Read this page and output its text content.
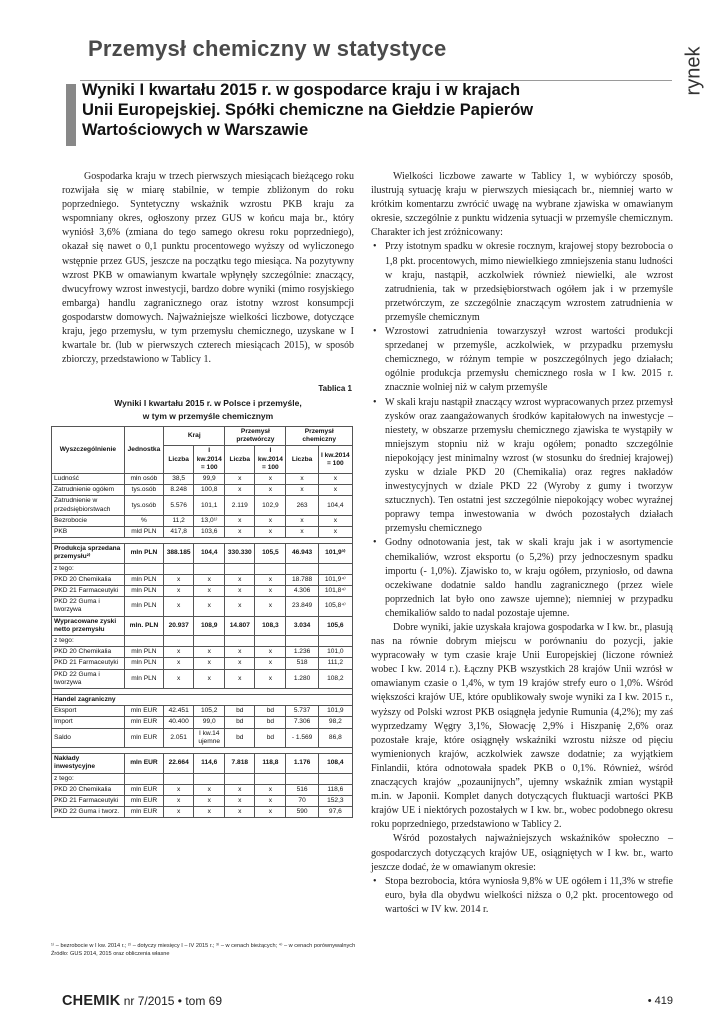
Przemysł chemiczny w statystyce	rynek

Wyniki I kwartału 2015 r. w gospodarce kraju i w krajach

Unii Europejskiej. Spółki chemiczne na Giełdzie Papierów

Wartościowych w Warszawie

Gospodarka kraju w trzech pierwszych miesiącach bieżącego roku rozwijała się w miarę stabilnie, w tempie zbliżonym do roku poprzedniego. Syntetyczny wskaźnik wzrostu PKB kraju za wspomniany okres, ogłoszony przez GUS w końcu maja br., który wyniósł 3,6% (zmiana do tego samego okresu roku poprzedniego), okazał się nawet o 0,1 punktu procentowego wyższy od wyliczonego wstępnie przez GUS, jeszcze na początku tego miesiąca. Na pozytywny wzrost PKB w omawianym kwartale wpłynęły szczególnie: znaczący, dwucyfrowy wzrost inwestycji, bardzo dobre wyniki (mimo rosyjskiego embarga) handlu zagranicznego oraz istotny wzrost konsumpcji gospodarstw domowych. Najważniejsze wielkości liczbowe, dotyczące kraju, jego przemysłu, w tym przemysłu chemicznego, uzyskane w I kwartale br. (lub w pierwszych czterech miesiącach 2015), w sposób zbiorczy, przedstawiono w Tablicy 1.

Tablica 1
Wyniki I kwartału 2015 r. w Polsce i przemyśle,
w tym w przemyśle chemicznym
Wyszczególnienie	Jednostka	Kraj		Przemysł przetwórczy		Przemysł chemiczny	
		Liczba	I kw.2014 = 100	Liczba	I kw.2014 = 100	Liczba	I kw.2014 = 100
Ludność	mln osób	38,5	99,9	x	x	x	x
Zatrudnienie ogółem	tys.osób	8.248	100,8	x	x	x	x
Zatrudnienie w przedsiębiorstwach	tys.osób	5.576	101,1	2.119	102,9	263	104,4
Bezrobocie	%	11,2	13,0¹⁾	x	x	x	x
PKB	mld PLN	417,8	103,6	x	x	x	x

Produkcja sprzedana przemysłu²⁾	mln PLN	388.185	104,4	330.330	105,5	46.943	101,9³⁾
z tego:							
PKD 20 Chemikalia	mln PLN	x	x	x	x	18.788	101,9⁴⁾
PKD 21 Farmaceutyki	mln PLN	x	x	x	x	4.306	101,8⁴⁾
PKD 22 Guma i tworzywa	mln PLN	x	x	x	x	23.849	105,8⁴⁾
Wypracowane zyski netto przemysłu	mln. PLN	20.937	108,9	14.807	108,3	3.034	105,6
z tego:							
PKD 20 Chemikalia	mln PLN	x	x	x	x	1.236	101,0
PKD 21 Farmaceutyki	mln PLN	x	x	x	x	518	111,2
PKD 22 Guma i tworzywa	mln PLN	x	x	x	x	1.280	108,2

Handel zagraniczny							
Eksport	mln EUR	42.451	105,2	bd	bd	5.737	101,9
Import	mln EUR	40.400	99,0	bd	bd	7.306	98,2
Saldo	mln EUR	2.051	I kw.14 ujemne	bd	bd	- 1.569	86,8

Nakłady inwestycyjne	mln EUR	22.664	114,6	7.818	118,8	1.176	108,4
z tego:							
PKD 20 Chemikalia	mln EUR	x	x	x	x	516	118,6
PKD 21 Farmaceutyki	mln EUR	x	x	x	x	70	152,3
PKD 22 Guma i tworz.	mln EUR	x	x	x	x	590	97,6
¹⁾ – bezrobocie w I kw. 2014 r.; ²⁾ – dotyczy miesięcy I – IV 2015 r.; ³⁾ – w cenach bieżących; ⁴⁾ – w cenach porównywalnych
Źródło: GUS 2014, 2015 oraz obliczenia własne

Wielkości liczbowe zawarte w Tablicy 1, w wybiórczy sposób, ilustrują sytuację kraju w pierwszych miesiącach br., niemniej warto w krótkim komentarzu zwrócić uwagę na wybrane zjawiska w omawianym okresie, szczególnie z punktu widzenia sytuacji w przemyśle chemicznym. Charakter ich jest zróżnicowany:

• Przy istotnym spadku w okresie rocznym, krajowej stopy bezrobocia o 1,8 pkt. procentowych, mimo niewielkiego zmniejszenia stanu ludności w kraju, nastąpił, aczkolwiek również niewielki, ale wzrost zatrudnienia, tak w przedsiębiorstwach ogółem jak i w przemyśle przetwórczym, ze szczególnie znaczącym wzrostem zatrudnienia w przemyśle chemicznym
• Wzrostowi zatrudnienia towarzyszył wzrost wartości produkcji sprzedanej w przemyśle, aczkolwiek, w przypadku przemysłu chemicznego, w różnym tempie w poszczególnych jego działach; ogólnie produkcja przemysłu chemicznego rosła w I kw. 2015 r. znacznie wolniej niż w całym przemyśle
• W skali kraju nastąpił znaczący wzrost wypracowanych przez przemysł zysków oraz zaangażowanych środków kapitałowych na inwestycje – niestety, w obszarze przemysłu chemicznego zjawiska te wystąpiły w mniejszym stopniu niż w kraju ogółem; ponadto szczególnie niepokojący jest minimalny wzrost (w stosunku do średniej krajowej) zysku w dziale PKD 20 (Chemikalia) oraz regres nakładów inwestycyjnych w dziale PKD 22 (Wyroby z gumy i tworzyw sztucznych). Ten ostatni jest szczególnie niepokojący wobec wyraźnej poprawy tempa inwestowania w dwóch pozostałych działach przemysłu chemicznego
• Godny odnotowania jest, tak w skali kraju jak i w asortymencie chemikaliów, wzrost eksportu (o 5,2%) przy jednoczesnym spadku importu (- 1,0%). Zjawisko to, w kraju ogółem, przyniosło, od dawna oczekiwane dodatnie saldo handlu zagranicznego (przez wiele poprzednich lat było ono zawsze ujemne); niemniej w przypadku chemikaliów saldo to nadal pozostaje ujemne.

Dobre wyniki, jakie uzyskała krajowa gospodarka w I kw. br., plasują nas na równie dobrym miejscu w porównaniu do pozycji, jakie wypracowały w tym czasie kraje Unii Europejskiej (liczone również wobec I kw. 2014 r.). Łączny PKB wszystkich 28 krajów Unii wzrósł w omawianym czasie o 1,4%, w tym 19 krajów strefy euro o 1,0%. Wśród większości krajów UE, które opublikowały swoje wyniki za I kw. 2015 r., wyższy od Polski wzrost PKB osiągnęła jedynie Rumunia (4,2%); my zaś wyprzedzamy Węgry 3,1%, Słowację 2,9% i Hiszpanię 2,6% oraz pozostałe kraje, które osiągnęły wskaźniki wzrostu niższe od pięciu wymienionych krajów, aczkolwiek zawsze dodatnie; za wyjątkiem Finlandii, która odnotowała spadek PKB o 0,1%. Również, wśród znaczących krajów „pozaunijnych”, ujemny wskaźnik zmian wystąpił m.in. w Japonii. Komplet danych dotyczących fluktuacji wartości PKB krajów UE i niektórych pozostałych w I kw. br., wobec podobnego okresu roku poprzedniego, przedstawiono w Tablicy 2.

Wśród pozostałych najważniejszych wskaźników społeczno – gospodarczych dotyczących krajów UE, osiągniętych w I kw. br., warto jeszcze dodać, że w omawianym okresie:

• Stopa bezrobocia, która wyniosła 9,8% w UE ogółem i 11,3% w strefie euro, była dla obydwu wielkości niższa o 0,2 pkt. procentowego od wartości w IV kw. 2014 r.
CHEMIK nr 7/2015 • tom 69	• 419
